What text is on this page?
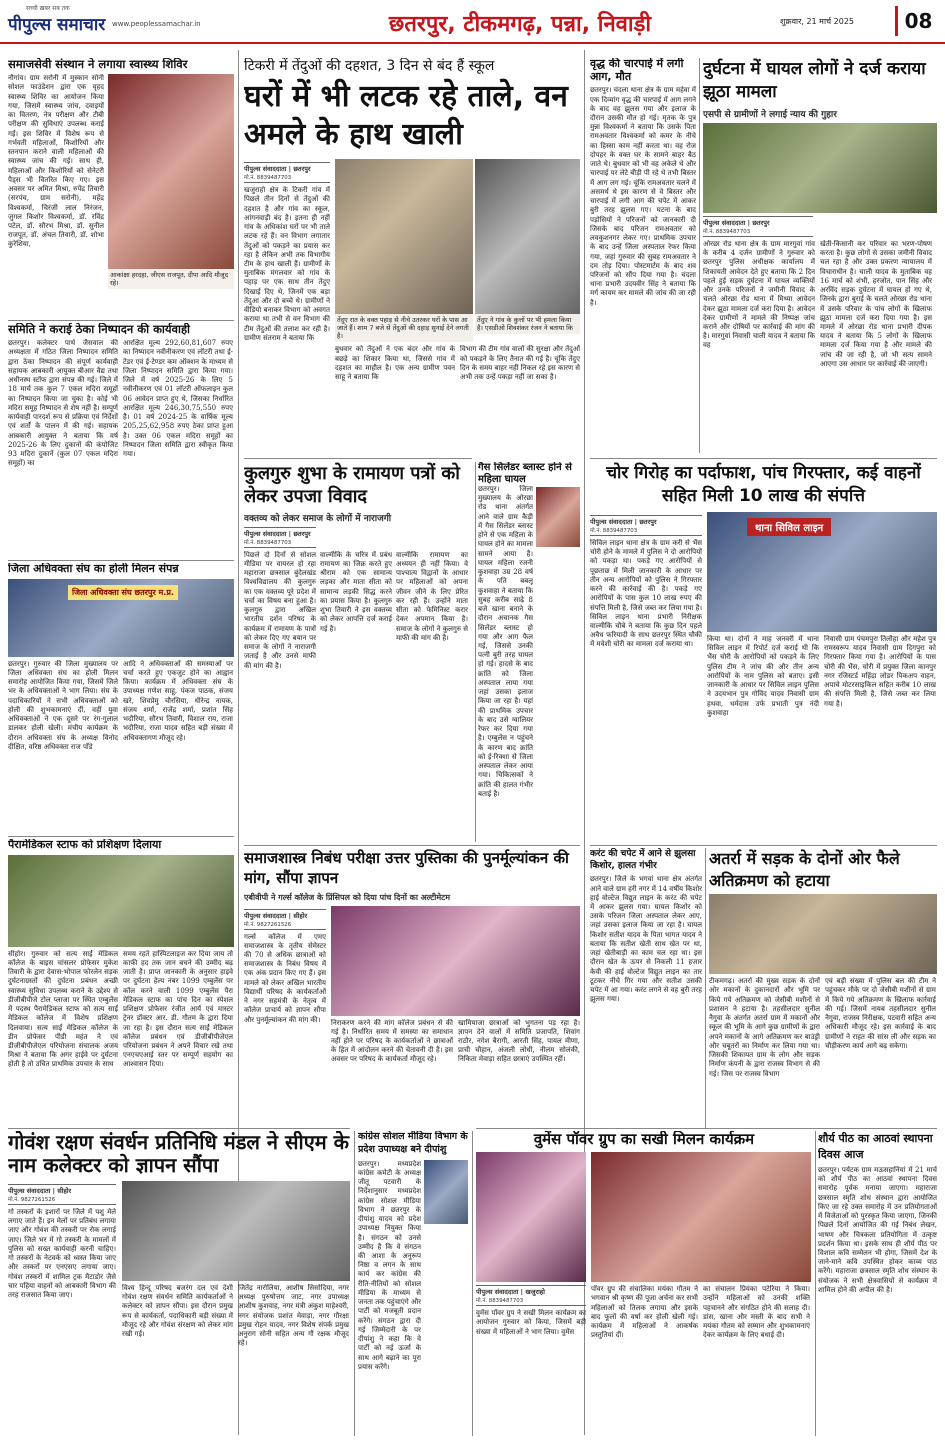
सच्ची ख़बर सब तक
पीपुल्स समाचार www.peoplessamachar.in	छतरपुर, टीकमगढ़, पन्ना, निवाड़ी	शुक्रवार, 21 मार्च 2025	08
समाजसेवी संस्थान ने लगाया स्वास्थ्य शिविर
नौगांव। ग्राम सरोनी में मुस्कान सोनी सोशल फाउंडेशन द्वारा एक वृहद स्वास्थ्य शिविर का आयोजन किया गया, जिसमें स्वास्थ्य जांच, दवाइयों का वितरण, नेत्र परीक्षण और टीबी परीक्षण की सुविधाएं उपलब्ध कराई गईं। इस शिविर में विशेष रूप से गर्भवती महिलाओं, किशोरियों और स्तनपान कराने वाली महिलाओं की स्वास्थ्य जांच की गई। साथ ही, महिलाओं और किशोरियों को सेनेटरी पैड्स भी वितरित किए गए। इस अवसर पर अमित मिश्रा, रुपेंद्र तिवारी (सरपंच, ग्राम सरोनी), महेंद्र विश्वकर्मा, चिरंजी लाल निरंजन, जुगल किशोर विश्वकर्मा, डॉ. रविंद्र पटेल, डॉ. सौरभ मिश्रा, डॉ. सुनील राजपूत, डॉ. अंचल तिवारी, डॉ. शोभा कुरेशिया,
आकांक्षा हरदहा, जीएस राजपूत, दीपा आदि मौजूद रहे।
समिति ने कराई ठेका निष्पादन की कार्यवाही
छतरपुर। कलेक्टर पार्थ जैसवाल की अध्यक्षता में गठित जिला निष्पादन समिति द्वारा ठेका निष्पादन की संपूर्ण कार्यवाही सहायक आबकारी आयुक्त बीआर वैद्य तथा अधीनस्थ स्टॉफ द्वारा संपन्न की गई। जिले में 18 मार्च तक कुल 7 एकल मदिरा समूहों का निष्पादन किया जा चुका है। कोई भी मदिरा समूह निष्पादन से शेष नहीं है। सम्पूर्ण कार्यवाही पारदर्श रूप से प्रक्रिया एवं निर्देशों एवं शर्तों के पालन में की गई। सहायक आबकारी आयुक्त ने बताया कि वर्ष 2025-26 के लिए दुकानों की कंपोजिट 93 मदिरा दुकानें (कुल 07 एकल मदिरा समूहों) का
आरक्षित मूल्य 292,60,81,607 रुपए का निष्पादन नवीनीकरण एवं लॉटरी तथा ई-टेंडर एवं ई-टेण्डर कम ऑक्शन के माध्यम से जिला निष्पादन समिति द्वारा किया गया। जिले में वर्ष 2025-26 के लिए 5 नवीनीकरण एवं 01 लॉटरी ऑफलाइन कुल 06 आवेदन प्राप्त हुए थे, जिसका निर्धारित आरक्षित मूल्य 246,30,75,550 रुपए है। 01 वर्ष 2024-25 के वार्षिक मूल्य 205,25,62,958 रुपए ठेका प्राप्त हुआ है। उक्त 06 एकल मदिरा समूहों का निष्पादन जिला समिति द्वारा स्वीकृत किया गया।
जिला अधिवक्ता संघ का होली मिलन संपन्न
जिला अधिवक्ता संघ छतरपुर म.प्र.
छतरपुर। गुरुवार की जिला मुख्यालय पर जिला अधिवक्ता संघ का होली मिलन समारोह आयोजित किया गया, जिसमें जिले भर के अधिवक्ताओं ने भाग लिया। संघ के पदाधिकारियों ने सभी अधिवक्ताओं को होली की शुभकामनाएं दीं, वहीं युवा अधिवक्ताओं ने एक दूसरे पर रंग-गुलाल डालकर होली खेली। मंचीय कार्यक्रम के दौरान अधिवक्ता संघ के अध्यक्ष विनोद दीक्षित, वरिष्ठ अधिवक्ता राज पाँडे
आदि ने अधिवक्ताओं की समस्याओं पर चर्चा करते हुए एकजुट होने का आह्वान किया। कार्यक्रम में अधिवक्ता संघ के उपाध्यक्ष गणेश साहू, पंकज पाठक, संजय खरे, शिवप्रेमु चौरसिया, धीरेन्द्र नायक, संजय शर्मा, राजेंद्र शर्मा, प्रशांत सिंह भदौरिया, सौरभ तिवारी, विशाल राय, राजा भदौरिया, राजा यादव सहित बड़ी संख्या में अधिवक्तागण मौजूद रहे।
पैरामेडिकल स्टाफ को प्रशिक्षण दिलाया
सीहोर। गुरुवार को सत्य साईं मेडिकल कॉलेज के बाइस चांसलर प्रोफेसर मुकेश तिवारी के द्वारा देवास-भोपाल फोरलेन सड़क दुर्घटनाग्रस्तों की दुर्घटना प्रबंधन अच्छी स्वास्थ्य सुविधा उपलब्ध कराने के उद्देश्य से डीजीबीपीजे टोल प्लाजा पर स्थित एम्बुलेंस में पदस्थ पैरामेडिकल स्टाफ को सत्य साईं मेडिकल कॉलेज में विशेष प्रशिक्षण दिलवाया। सत्य साईं मेडिकल कॉलेज के डीन प्रोफेसर पीडी महंत ने एवं डीजीबीपीजेएल परियोजना संचालक अजय मिश्रा ने बताया कि अगर हाईवे पर दुर्घटना होती है तो उचित प्राथमिक उपचार के साथ
समय रहते हास्पिटलाइज कर दिया जाय तो काफी हद तक जान बचने की उम्मीद बढ़ जाती है। प्राप्त जानकारी के अनुसार हाइवे पर दुर्घटना हेल्प नंबर 1099 एम्बुलेंस पर कॉल करने वाली 1099 एम्बुलेंस पैरा मेडिकल स्टाफ का पांच दिन का स्पेशल प्रशिक्षण प्रोफेसर रंजीत आर्य एवं मास्टर ट्रेनर डॉक्टर आर. डी. गौतम के द्वारा दिया जा रहा है। इस दौरान सत्य साईं मेडिकल कॉलेज प्रबंधन एवं डीजीबीपीजेएल परियोजना प्रबंधन ने अपने विचार रखे तथा एनएचएआई स्तर पर सम्पूर्ण सहयोग का आश्वासन दिया।
गोवंश रक्षण संवर्धन प्रतिनिधि मंडल ने सीएम के नाम कलेक्टर को ज्ञापन सौंपा
पीपुल्स संवाददाता | सीहोर
मो.नं. 9827261526
गो तस्करों के इशारों पर जिले में पशु मेले लगाए जाते हैं। इन मेलों पर प्रतिबंध लगाया जाए और गोवंश की तस्करी पर रोक लगाई जाए। जिले भर में गो तस्करी के मामलों में पुलिस को सख्त कार्यवाही करनी चाहिए। गो तस्करों के नेटवर्क को ध्वस्त किया जाए और तस्करों पर एनएसए लगाया जाए। गोवंश तस्करों में शामिल ट्रक मैटाडोर जैसे चार पहिया वाहनों को आबकारी विभाग की तरह राजसात किया जाए।
विश्व हिन्दू परिषद बजरंग दल एवं देशी गोवंश रक्षण संवर्धन समिति कार्यकर्ताओं ने कलेक्टर को ज्ञापन सौंपा। इस दौरान प्रमुख रूप से कार्यकर्ता, पदाधिकारी बड़ी संख्या में मौजूद रहे और गोवंश संरक्षण को लेकर मांग रखी गई।
जितेंद्र नारोलिया, आशीष सिसोदिया, नगर अध्यक्ष पुरुषोत्तम जाट, नगर उपाध्यक्ष आशीष कुशवाह, नगर मंत्री अंकुश माहेश्वरी, नगर संयोजक प्रशांत मेवाड़ा, नगर गौरक्षा प्रमुख रोहन यादव, नगर विशेष संपर्क प्रमुख अनुराग सोनी सहित अन्य गौ रक्षक मौजूद रहे।
टिकरी में तेंदुओं की दहशत, 3 दिन से बंद हैं स्कूल
घरों में भी लटक रहे ताले, वन अमले के हाथ खाली
पीपुल्स संवाददाता | छतरपुर
मो.नं. 8839487703
खजुराहो क्षेत्र के टिकरी गांव में पिछले तीन दिनों से तेंदुओं की दहशत है और गांव का स्कूल, आंगनवाड़ी बंद है। इतना ही नहीं गांव के अधिकांश घरों पर भी ताले लटक रहे हैं। वन विभाग लगातार तेंदुओं को पकड़ने का प्रयास कर रहा है लेकिन अभी तक विभागीय टीम के हाथ खाली हैं। ग्रामीणों के मुताबिक मंगलवार को गांव के पहाड़ पर एक साथ तीन तेंदुए दिखाई दिए थे, जिनमें एक बड़ा तेंदुआ और दो बच्चे थे। ग्रामीणों ने वीडियो बनाकर विभाग को अवगत कराया था तभी से वन विभाग की टीम तेंदुओं की तलाश कर रही है। ग्रामीण संतराम ने बताया कि
तेंदुए रात के वक्त पहाड़ से नीचे उतरकर घरों के पास आ जाते हैं। शाम 7 बजे से तेंदुओं की दहाड़ सुनाई देने लगती है।
तेंदुए ने गांव के कुत्तों पर भी हमला किया है। एसडीओ शिवशंकर रंजन ने बताया कि
बुधवार को तेंदुओं ने एक बंदर और गांव के बछड़े का शिकार किया था, जिससे गांव में दहशत का माहौल है। एक अन्य ग्रामीण पवन साहू ने बताया कि
विभाग की टीम गांव वालों की सुरक्षा और तेंदुओं को पकड़ने के लिए तैनात की गई है। चूंकि तेंदुए दिन के समय बाहर नहीं निकल रहे इस कारण से अभी तक उन्हें पकड़ा नहीं जा सका है।
कुलगुरु शुभा के रामायण पत्रों को लेकर उपजा विवाद
वक्तव्य को लेकर समाज के लोगों में नाराजगी
पीपुल्स संवाददाता | छतरपुर
मो.नं. 8839487703
पिछले दो दिनों से सोशल मीडिया पर वायरल हो रहा महाराजा छत्रसाल बुंदेलखंड विश्वविद्यालय की कुलगुरु का एक वक्तव्य पूरे प्रदेश में चर्चा का विषय बना हुआ है। कुलगुरु द्वारा अखिल भारतीय दर्शन परिषद के कार्यक्रम में रामायण के पात्रों को लेकर दिए गए बयान पर समाज के लोगों ने नाराजगी जताई है और उनसे माफी की मांग की है।
वाल्मीकि के चरित्र में प्रबंध रामायण का जिक्र करते हुए श्रीराम को एक सामान्य लड़का और माता सीता को सामान्य लड़की सिद्ध करने का प्रयास किया है। कुलगुरु शुभा तिवारी ने इस वक्तव्य को लेकर आपत्ति दर्ज कराई गई है।
वाल्मीकि रामायण का अध्ययन ही नहीं किया। वे पाश्चात्य विद्वानों के आधार पर महिलाओं को अपना जीवन जीने के लिए प्रेरित कर रही हैं। उन्होंने माता सीता को फेमिनिस्ट करार देकर अपमान किया है। समाज के लोगों ने कुलगुरु से माफी की मांग की है।
गैस सिलेंडर ब्लास्ट होने से महिला घायल
छतरपुर। जिला मुख्यालय के ओरछा रोड थाना अंतर्गत आने वाले ग्राम कैड़ी में गैस सिलेंडर ब्लास्ट होने से एक महिला के घायल होने का मामला सामने आया है। घायल महिला रजनी कुशवाहा उम्र 28 वर्ष के पति बबलू कुशवाहा ने बताया कि सुबह करीब साढ़े 8 बजे खाना बनाने के दौरान अचानक गैस सिलेंडर ब्लास्ट हो गया और आग फैल गई, जिससे उनकी पत्नी बुरी तरह घायल हो गई। हादसे के बाद क्रांति को जिला अस्पताल लाया गया जहां उसका इलाज किया जा रहा है। यहां की प्राथमिक उपचार के बाद उसे ग्वालियर रेफर कर दिया गया है। एम्बुलेंस न पहुंचने के कारण बाद क्रांति को ई-रिक्शा से जिला अस्पताल लेकर आया गया। चिकित्सकों ने क्रांति की हालत गंभीर बताई है।
समाजशास्त्र निबंध परीक्षा उत्तर पुस्तिका की पुनर्मूल्यांकन की मांग, सौंपा ज्ञापन
एबीवीपी ने गर्ल्स कॉलेज के प्रिंसिपल को दिया पांच दिनों का अल्टीमेटम
पीपुल्स संवाददाता | सीहोर
मो.नं. 9827261526
गर्ल्स कॉलेज में एमए समाजशास्त्र के तृतीय सेमेस्टर की 70 से अधिक छात्राओं को समाजशास्त्र के निबंध विषय में एक अंक प्रदान किए गए हैं। इस मामले को लेकर अखिल भारतीय विद्यार्थी परिषद के कार्यकर्ताओं ने नगर सहमंत्री के नेतृत्व में कॉलेज प्राचार्य को ज्ञापन सौंपा और पुनर्मूल्यांकन की मांग की।	निराकरण करने की मांग कॉलेज प्रबंधन से की गई है। निर्धारित समय में समस्या का समाधान नहीं होने पर परिषद के कार्यकर्ताओं ने छात्राओं के हित में आंदोलन करने की चेतावनी दी है। इस अवसर पर परिषद के कार्यकर्ता मौजूद रहे।
खामियाजा छात्राओं को भुगतना पड़ रहा है। ज्ञापन देने वालों में समिति प्रजापति, शिवांग राठौर, नगेश बैरागी, आरती सिंह, पायल मीणा, प्राची चौहान, अंजली लोधी, नीलम सोलंकी, निकिता मेवाड़ा सहित छात्राएं उपस्थित रहीं।
कांग्रेस सोशल मीडिया विभाग के प्रदेश उपाध्यक्ष बने दीपांशु
छतरपुर। मध्यप्रदेश कांग्रेस कमेटी के अध्यक्ष जीतू पटवारी के निर्देशानुसार मध्यप्रदेश कांग्रेस सोशल मीडिया विभाग ने छतरपुर के दीपांशु यादव को प्रदेश उपाध्यक्ष नियुक्त किया है। संगठन को उनसे उम्मीद है कि वे संगठन की आशा के अनुरूप निष्ठा व लगन के साथ कार्य कर कांग्रेस की रीति-नीतियों को सोशल मीडिया के माध्यम से जनता तक पहुंचाएंगे और पार्टी को मजबूती प्रदान करेंगे। संगठन द्वारा दी गई जिम्मेदारी के पर दीपांशु ने कहा कि वे पार्टी को नई ऊर्जा के साथ आगे बढ़ाने का पूरा प्रयास करेंगे।
वृद्ध की चारपाई में लगी आग, मौत
छतरपुर। चंदला थाना क्षेत्र के ग्राम महेवा में एक दिव्यांग वृद्ध की चारपाई में आग लगने के बाद वह झुलस गया और इलाज के दौरान उसकी मौत हो गई। मृतक के पुत्र मुन्ना विश्वकर्मा ने बताया कि उसके पिता रामअवतार विश्वकर्मा को कमर के नीचे का हिस्सा काम नहीं करता था। वह रोज दोपहर के वक्त घर के सामने बाहर बैठ जाते थे। बुधवार को भी वह अकेले थे और चारपाई पर लेटे बीड़ी पी रहे थे तभी बिस्तर में आग लग गई। चूंकि रामअवतार चलने में असमर्थ थे इस कारण से वे बिस्तर और चारपाई में लगी आग की चपेट में आकर बुरी तरह झुलस गए। घटना के बाद पड़ोसियों ने परिजनों को जानकारी दी जिसके बाद परिजन रामअवतार को लवकुशनगर लेकर गए। प्राथमिक उपचार के बाद उन्हें जिला अस्पताल रेफर किया गया, जहां गुरुवार की सुबह रामअवतार ने दम तोड़ दिया। पोस्टमार्टम के बाद शव परिजनों को सौंप दिया गया है। चंदला थाना प्रभारी उदयवीर सिंह ने बताया कि मर्ग कायम कर मामले की जांच की जा रही है।
करंट की चपेट में आने से झुलसा किशोर, हालत गंभीर
छतरपुर। जिले के भगवां थाना क्षेत्र अंतर्गत आने वाले ग्राम हरी नगर में 14 वर्षीय किशोर हाई वोल्टेज विद्युत लाइन के करंट की चपेट में आकर झुलस गया। घायल किशोर को उसके परिजन जिला अस्पताल लेकर आए, जहां उसका इलाज किया जा रहा है। घायल किशोर सतीश यादव के पिता भागत यादव ने बताया कि सतीश खेती साथ खेत पर था, जहां खेतीबाड़ी का काम चल रहा था। इस दौरान खेत के ऊपर से निकली 11 हजार केवी की हाई वोल्टेज विद्युत लाइन का तार टूटकर नीचे गिर गया और सतीश उसकी चपेट में आ गया। करंट लगने से वह बुरी तरह झुलस गया।
दुर्घटना में घायल लोगों ने दर्ज कराया झूठा मामला
एसपी से ग्रामीणों ने लगाई न्याय की गुहार
पीपुल्स संवाददाता | छतरपुर
मो.नं. 8839487703
ओरछा रोड थाना क्षेत्र के ग्राम मारगुवां गांव के करीब 4 दर्जन ग्रामीणों ने गुरुवार को छतरपुर पुलिस अधीक्षक कार्यालय में शिकायती आवेदन देते हुए बताया कि 2 दिन पहले हुई सड़क दुर्घटना में घायल व्यक्तियों और उनके परिजनों ने जमीनी विवाद के चलते ओरछा रोड थाना में मिथ्या आवेदन देकर झूठा मामला दर्ज करा दिया है। आवेदन देकर ग्रामीणों ने मामले की निष्पक्ष जांच कराने और दोषियों पर कार्रवाई की मांग की है। मारगुवां निवासी चाली यादव ने बताया कि वह
खेती-किसानी कर परिवार का भरण-पोषण करता है। कुछ लोगों से उसका जमीनी विवाद चल रहा है और उक्त प्रकरण न्यायालय में विचाराधीन है। चाली यादव के मुताबिक वह 16 मार्च को शंभी, हरजोत, पान सिंह और अरविंद सड़क दुर्घटना में घायल हो गए थे, जिनके द्वारा बुराई के चलते ओरछा रोड थाना में उसके परिवार के पांच लोगों के खिलाफ झूठा मामला दर्ज करा दिया गया है। इस मामले में ओरछा रोड थाना प्रभारी दीपक यादव ने बताया कि 5 लोगों के खिलाफ मामला दर्ज किया गया है और मामले की जांच की जा रही है, जो भी सत्य सामने आएगा उस आधार पर कार्रवाई की जाएगी।
चोर गिरोह का पर्दाफाश, पांच गिरफ्तार, कई वाहनों सहित मिली 10 लाख की संपत्ति
पीपुल्स संवाददाता | छतरपुर
मो.नं. 8839487703
सिविल लाइन थाना क्षेत्र के ग्राम करी से भैंस चोरी होने के मामले में पुलिस ने दो आरोपियों को पकड़ा था। पकड़े गए आरोपियों से पूछताछ में मिली जानकारी के आधार पर तीन अन्य आरोपियों को पुलिस ने गिरफ्तार करने की कार्रवाई की है। पकड़े गए आरोपियों के पास कुल 10 लाख रुपए की संपत्ति मिली है, जिसे जब्त कर लिया गया है। सिविल लाइन थाना प्रभारी निरीक्षक वाल्मीकि चौबे ने बताया कि कुछ दिन पहले अवैध फरियादी के साथ छतरपुर स्थित चौकी में मवेशी चोरी का मामला दर्ज कराया था।
थाना सिविल लाइन
किया था। दोनों ने माह जनवरी में थाना सिविल लाइन में रिपोर्ट दर्ज कराई थी कि भैंस चोरी के आरोपियों को पकड़ने के लिए पुलिस टीम ने जांच की और तीन अन्य आरोपियों के नाम पुलिस को बताए। इसी जानकारी के आधार पर सिविल लाइन पुलिस ने उदयभान पुत्र गोविंद यादव निवासी ग्राम हथवा, धर्मदास उर्फ प्रभाती पुत्र नंदी कुशवाहा
निवासी ग्राम पंचमपुरा तिलौहा और महेश पुत्र रामस्वरूप यादव निवासी ग्राम दिगपुरा को गिरफ्तार किया गया है। आरोपियों के पास चोरी की भैंस, चोरी में प्रयुक्त जिला कानपुर नगर रजिस्टर्ड महिंद्रा लोडर पिकअप वाहन, अपाचे मोटरसाइकिल सहित करीब 10 लाख की संपत्ति मिली है, जिसे जब्त कर लिया गया है।
अतर्रा में सड़क के दोनों ओर फैले अतिक्रमण को हटाया
टीकमगढ़। अतर्रा की मुख्य सड़क के दोनों ओर मकानों के दुकानदारों और भूमि पर किये गये अतिक्रमण को जेसीबी मशीनों से प्रशासन ने हटाया है। तहसीलदार सुनील नैगुवा के अंतर्गत अतर्रा ग्राम में मकानों और स्कूल की भूमि के आगे कुछ ग्रामीणों के द्वारा अपने मकानों के आगे अतिक्रमण कर बाउंड्री और चबूतरों का निर्माण कर लिया गया था। जिसकी शिकायत ग्राम के लोग और सड़क निर्माण कंपनी के द्वारा राजस्व विभाग से की गई। जिस पर राजस्व विभाग
एवं बड़ी संख्या में पुलिस बल की टीम ने पहुंचकर मौके पर दो जेसीबी मशीनों से ग्राम में किये गये अतिक्रमण के खिलाफ कार्रवाई की गई। जिसमें नायब तहसीलदार सुनील नैगुवा, राजस्व निरीक्षक, पटवारी सहित अन्य अधिकारी मौजूद रहे। इस कार्रवाई के बाद ग्रामीणों ने राहत की सांस ली और सड़क का चौड़ीकरण कार्य आगे बढ़ सकेगा।
वुमेंस पॉवर ग्रुप का सखी मिलन कार्यक्रम
पीपुल्स संवाददाता | खजुराहो
मो.नं. 8839487703
वुमेंस पॉवर ग्रुप ने सखी मिलन कार्यक्रम का आयोजन गुरुवार को किया, जिसमें बड़ी संख्या में महिलाओं ने भाग लिया। वुमेंस
पॉवर ग्रुप की संचालिका मयंका गौतम ने भगवान श्री कृष्ण की पूजा अर्चना कर सभी महिलाओं को तिलक लगाया और इसके बाद फूलों की वर्षा कर होली खेली गई। कार्यक्रम में महिलाओं ने आकर्षक प्रस्तुतियां दीं।
का संचालन प्रियंका पटेरिया ने किया। उन्होंने महिलाओं को उनकी शक्ति पहचानने और संगठित होने की सलाह दी। डांस, खाना और मस्ती के बाद सभी ने मयंका गौतम को सम्मान और शुभकामनाएं देकर कार्यक्रम के लिए बधाई दी।
शौर्य पीठ का आठवां स्थापना दिवस आज
छतरपुर। पर्यटक ग्राम मऊसहानियां में 21 मार्च को शौर्य पीठ का आठवां स्थापना दिवस समारोह पूर्वक मनाया जाएगा। महाराजा छत्रसाल स्मृति शोध संस्थान द्वारा आयोजित किए जा रहे उक्त समारोह में उन प्रतियोगताओं में विजेताओं को पुरस्कृत किया जाएगा, जिनकी पिछले दिनों आयोजित की गई निबंध लेखन, भाषण और चित्रकला प्रतियोगिता में उत्कृष्ट प्रदर्शन किया था। इसके साथ ही शौर्य पीठ पर विशाल कवि सम्मेलन भी होगा, जिसमें देश के जाने-माने कवि उपस्थित होकर काव्य पाठ करेंगे। महाराजा छत्रसाल स्मृति शोध संस्थान के संयोजक ने सभी क्षेत्रवासियों से कार्यक्रम में शामिल होने की अपील की है।
